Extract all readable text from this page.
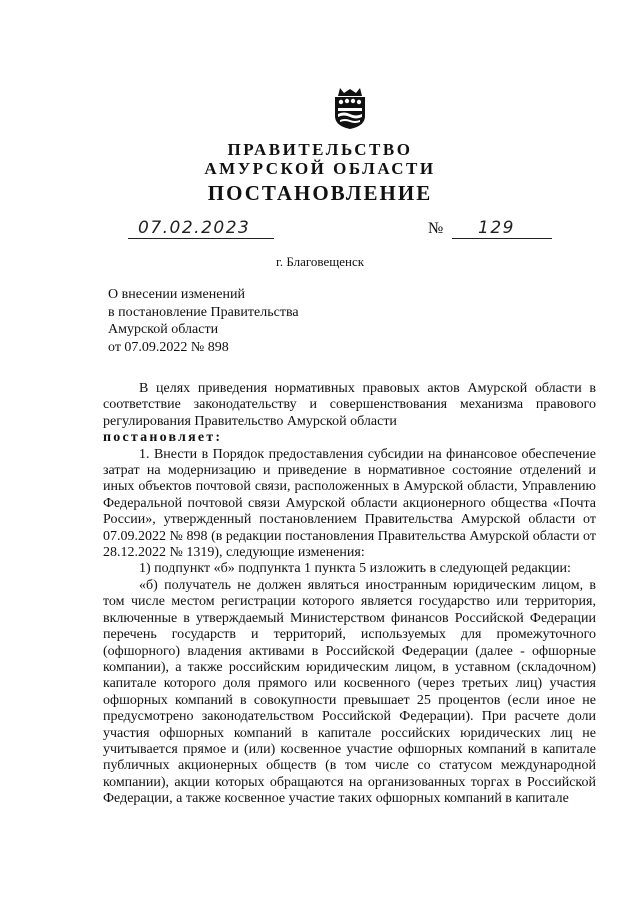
ПРАВИТЕЛЬСТВО
АМУРСКОЙ ОБЛАСТИ
ПОСТАНОВЛЕНИЕ
07.02.2023	№ 129
г. Благовещенск
О внесении изменений
в постановление Правительства
Амурской области
от 07.09.2022 № 898

В целях приведения нормативных правовых актов Амурской области в соответствие законодательству и совершенствования механизма правового регулирования Правительство Амурской области

постановляет:

1. Внести в Порядок предоставления субсидии на финансовое обеспечение затрат на модернизацию и приведение в нормативное состояние отделений и иных объектов почтовой связи, расположенных в Амурской области, Управлению Федеральной почтовой связи Амурской области акционерного общества «Почта России», утвержденный постановлением Правительства Амурской области от 07.09.2022 № 898 (в редакции постановления Правительства Амурской области от 28.12.2022 № 1319), следующие изменения:

1) подпункт «б» подпункта 1 пункта 5 изложить в следующей редакции:

«б) получатель не должен являться иностранным юридическим лицом, в том числе местом регистрации которого является государство или территория, включенные в утверждаемый Министерством финансов Российской Федерации перечень государств и территорий, используемых для промежуточного (офшорного) владения активами в Российской Федерации (далее - офшорные компании), а также российским юридическим лицом, в уставном (складочном) капитале которого доля прямого или косвенного (через третьих лиц) участия офшорных компаний в совокупности превышает 25 процентов (если иное не предусмотрено законодательством Российской Федерации). При расчете доли участия офшорных компаний в капитале российских юридических лиц не учитывается прямое и (или) косвенное участие офшорных компаний в капитале публичных акционерных обществ (в том числе со статусом международной компании), акции которых обращаются на организованных торгах в Российской Федерации, а также косвенное участие таких офшорных компаний в капитале
